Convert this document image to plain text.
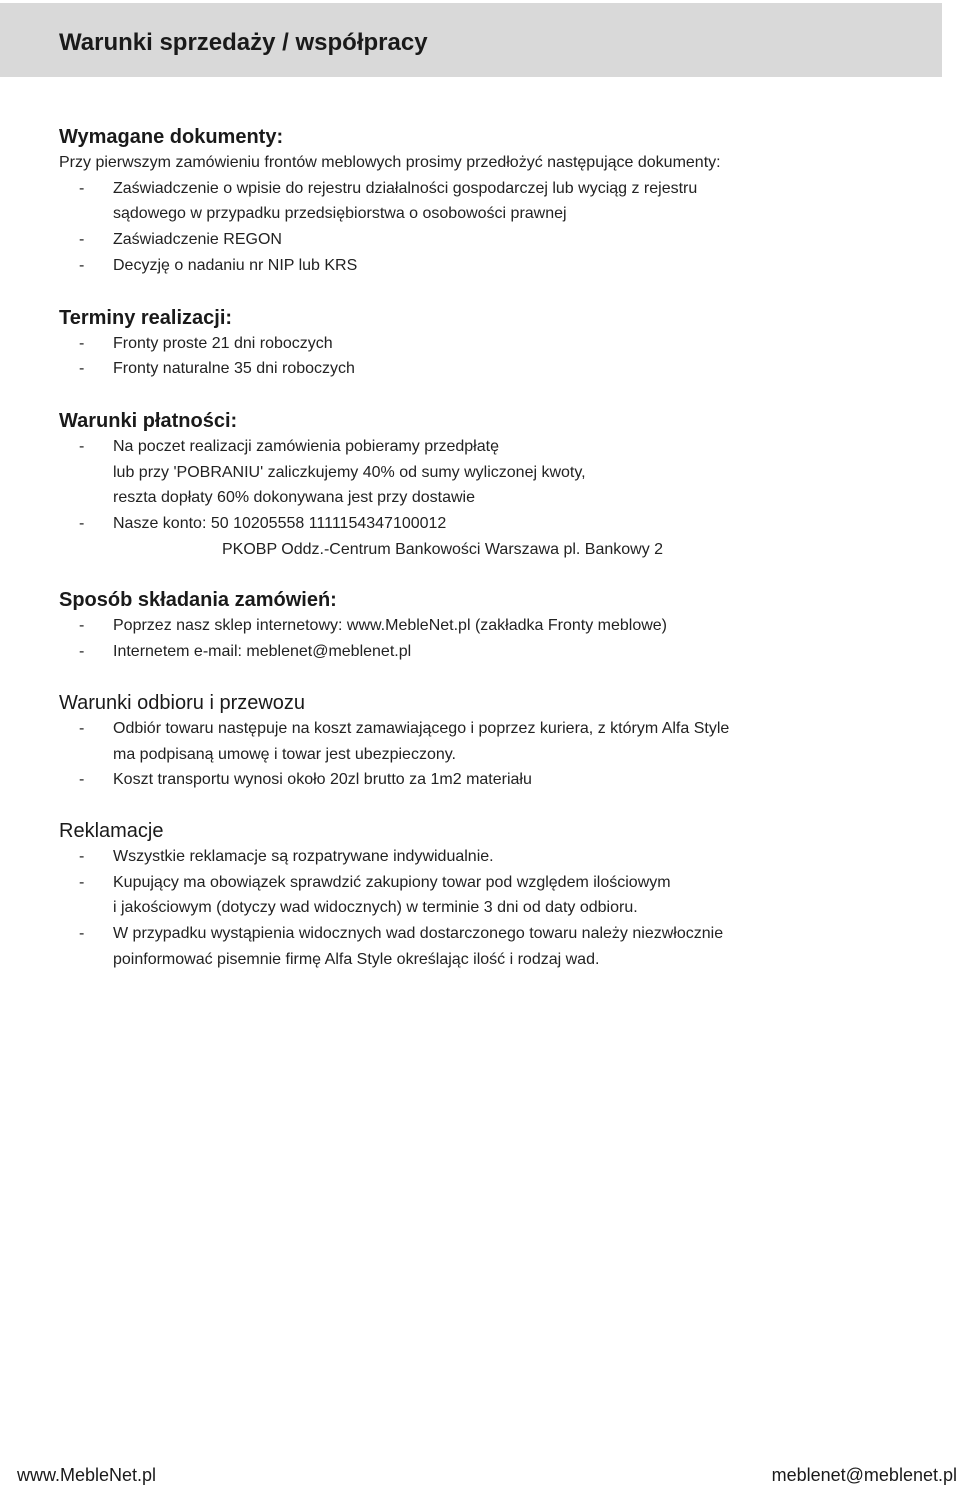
Warunki sprzedaży / współpracy
Wymagane dokumenty:

Przy pierwszym zamówieniu frontów meblowych prosimy przedłożyć następujące dokumenty:

- Zaświadczenie o wpisie do rejestru działalności gospodarczej lub wyciąg z rejestru
sądowego w przypadku przedsiębiorstwa o osobowości prawnej
- Zaświadczenie REGON
- Decyzję o nadaniu nr NIP lub KRS
Terminy realizacji:
- Fronty proste 21 dni roboczych
- Fronty naturalne 35 dni roboczych
Warunki płatności:
- Na poczet realizacji zamówienia pobieramy przedpłatę
lub przy 'POBRANIU' zaliczkujemy 40% od sumy wyliczonej kwoty,
reszta dopłaty 60% dokonywana jest przy dostawie
- Nasze konto: 50 10205558 1111154347100012
PKOBP Oddz.-Centrum Bankowości Warszawa pl. Bankowy 2
Sposób składania zamówień:
- Poprzez nasz sklep internetowy: www.MebleNet.pl (zakładka Fronty meblowe)
- Internetem e-mail: meblenet@meblenet.pl
Warunki odbioru i przewozu
- Odbiór towaru następuje na koszt zamawiającego i poprzez kuriera, z którym Alfa Style
ma podpisaną umowę i towar jest ubezpieczony.
- Koszt transportu wynosi około 20zl brutto za 1m2 materiału
Reklamacje
- Wszystkie reklamacje są rozpatrywane indywidualnie.
- Kupujący ma obowiązek sprawdzić zakupiony towar pod względem ilościowym
i jakościowym (dotyczy wad widocznych) w terminie 3 dni od daty odbioru.
- W przypadku wystąpienia widocznych wad dostarczonego towaru należy niezwłocznie
poinformować pisemnie firmę Alfa Style określając ilość i rodzaj wad.
www.MebleNet.pl	meblenet@meblenet.pl
